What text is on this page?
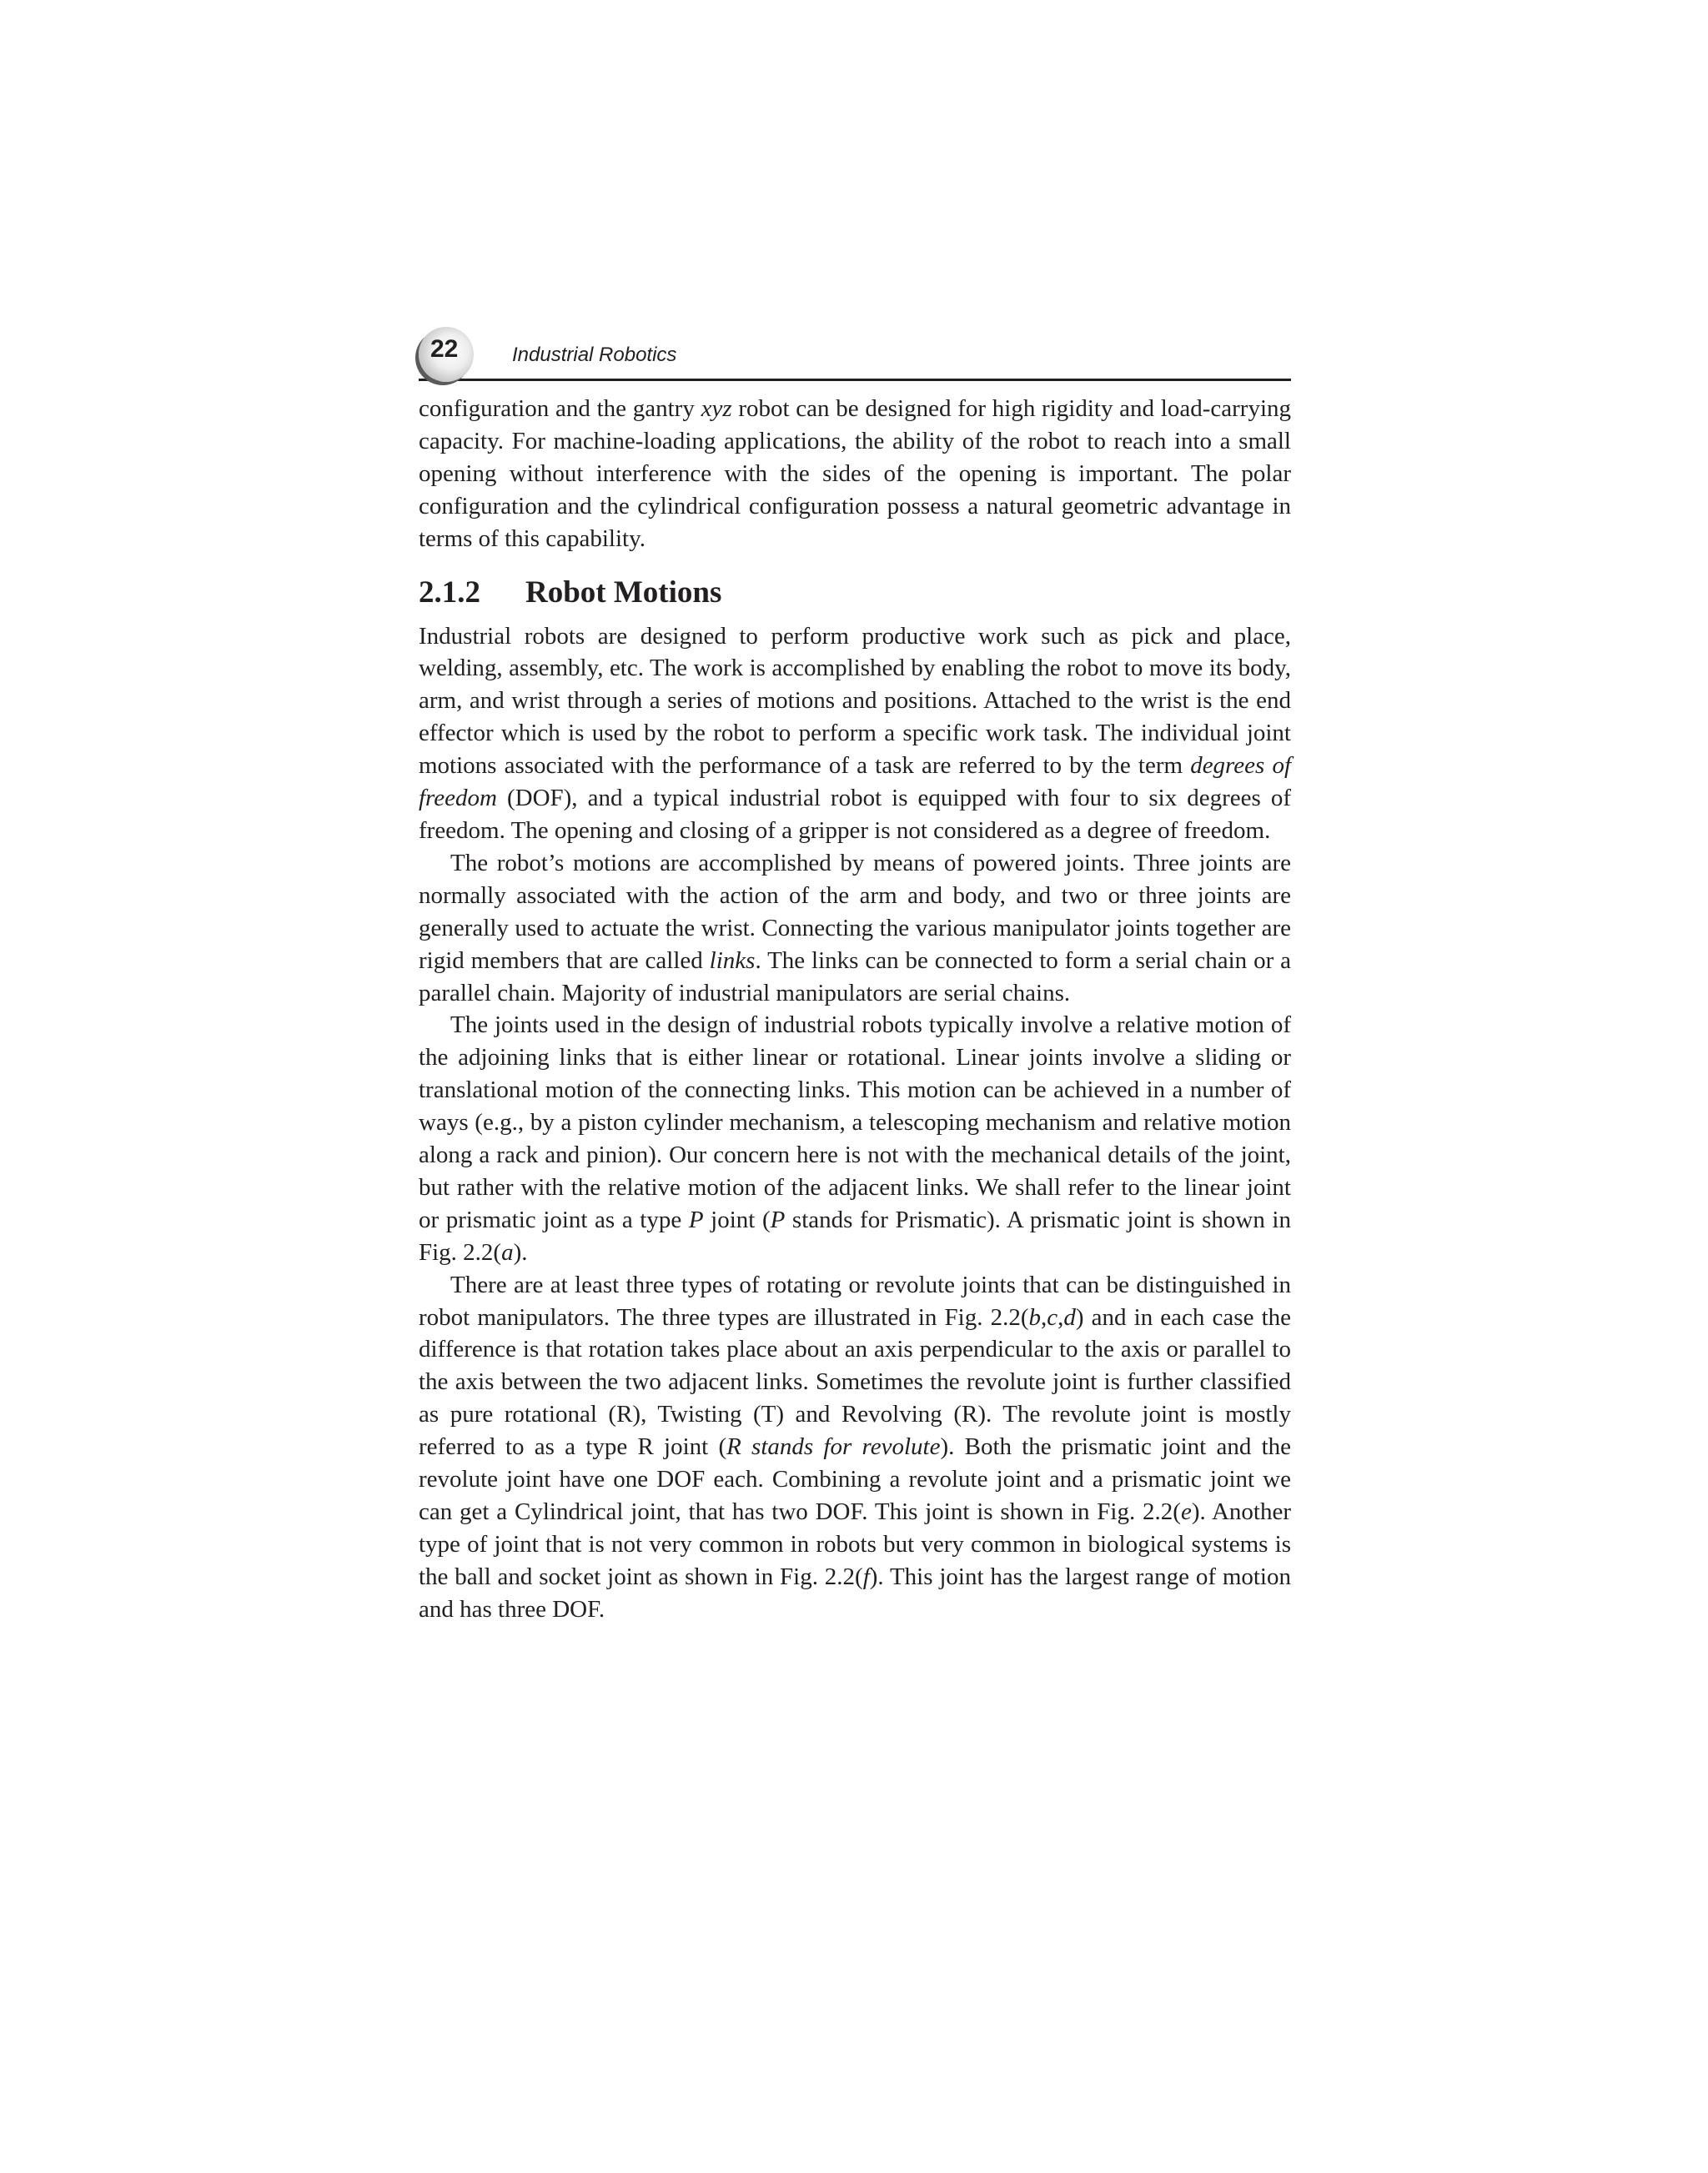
22	Industrial Robotics

configuration and the gantry xyz robot can be designed for high rigidity and load-carrying capacity. For machine-loading applications, the ability of the robot to reach into a small opening without interference with the sides of the opening is important. The polar configuration and the cylindrical configuration possess a natural geometric advantage in terms of this capability.

2.1.2 Robot Motions

Industrial robots are designed to perform productive work such as pick and place, welding, assembly, etc. The work is accomplished by enabling the robot to move its body, arm, and wrist through a series of motions and positions. Attached to the wrist is the end effector which is used by the robot to perform a specific work task. The individual joint motions associated with the performance of a task are referred to by the term degrees of freedom (DOF), and a typical industrial robot is equipped with four to six degrees of freedom. The opening and closing of a gripper is not considered as a degree of freedom.

The robot’s motions are accomplished by means of powered joints. Three joints are normally associated with the action of the arm and body, and two or three joints are generally used to actuate the wrist. Connecting the various manipulator joints together are rigid members that are called links. The links can be connected to form a serial chain or a parallel chain. Majority of industrial manipulators are serial chains.

The joints used in the design of industrial robots typically involve a relative motion of the adjoining links that is either linear or rotational. Linear joints involve a sliding or translational motion of the connecting links. This motion can be achieved in a number of ways (e.g., by a piston cylinder mechanism, a telescoping mechanism and relative motion along a rack and pinion). Our concern here is not with the mechanical details of the joint, but rather with the relative motion of the adjacent links. We shall refer to the linear joint or prismatic joint as a type P joint (P stands for Prismatic). A prismatic joint is shown in Fig. 2.2(a).

There are at least three types of rotating or revolute joints that can be distinguished in robot manipulators. The three types are illustrated in Fig. 2.2(b,c,d) and in each case the difference is that rotation takes place about an axis perpendicular to the axis or parallel to the axis between the two adjacent links. Sometimes the revolute joint is further classified as pure rotational (R), Twisting (T) and Revolving (R). The revolute joint is mostly referred to as a type R joint (R stands for revolute). Both the prismatic joint and the revolute joint have one DOF each. Combining a revolute joint and a prismatic joint we can get a Cylindrical joint, that has two DOF. This joint is shown in Fig. 2.2(e). Another type of joint that is not very common in robots but very common in biological systems is the ball and socket joint as shown in Fig. 2.2(f). This joint has the largest range of motion and has three DOF.
